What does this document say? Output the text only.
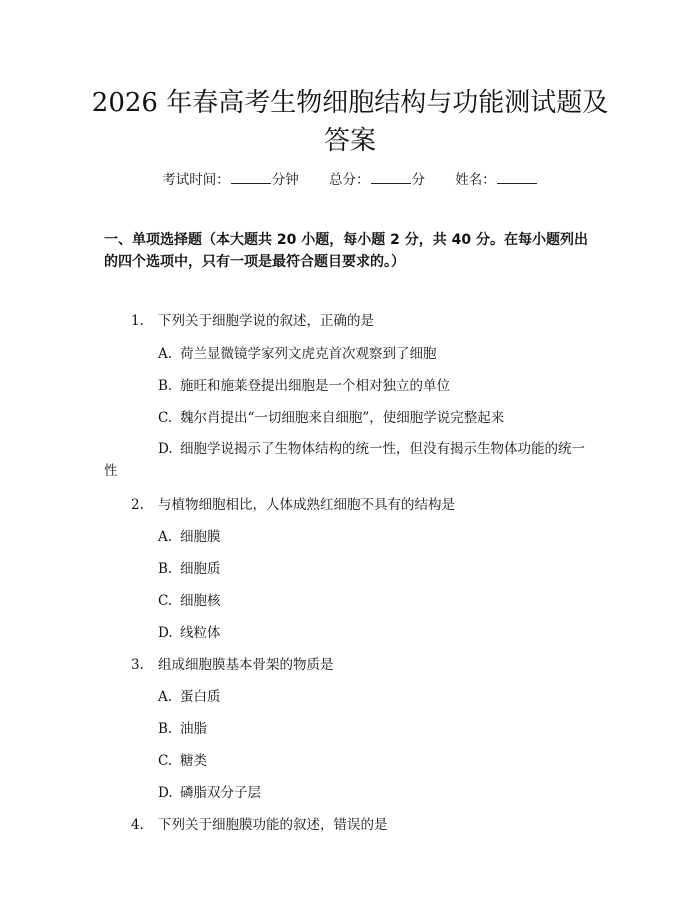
2026 年春高考生物细胞结构与功能测试题及答案
考试时间：	分钟 总分：	分 姓名：
一、单项选择题（本大题共 20 小题，每小题 2 分，共 40 分。在每小题列出的四个选项中，只有一项是最符合题目要求的。）
1. 下列关于细胞学说的叙述，正确的是
A. 荷兰显微镜学家列文虎克首次观察到了细胞
B. 施旺和施莱登提出细胞是一个相对独立的单位
C. 魏尔肖提出“一切细胞来自细胞”，使细胞学说完整起来
D. 细胞学说揭示了生物体结构的统一性，但没有揭示生物体功能的统一性
2. 与植物细胞相比，人体成熟红细胞不具有的结构是
A. 细胞膜
B. 细胞质
C. 细胞核
D. 线粒体
3. 组成细胞膜基本骨架的物质是
A. 蛋白质
B. 油脂
C. 糖类
D. 磷脂双分子层
4. 下列关于细胞膜功能的叙述，错误的是
